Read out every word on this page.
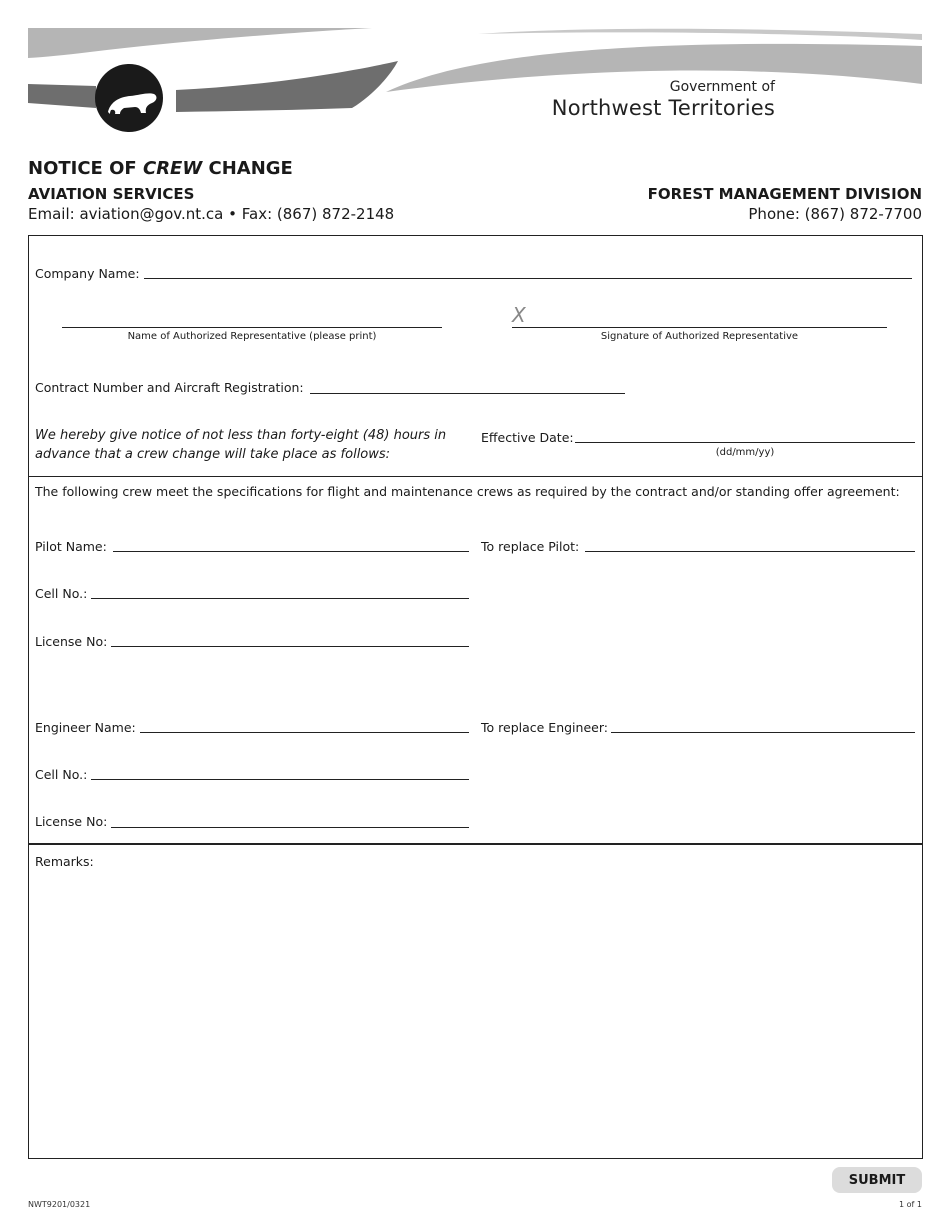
Government of
Northwest Territories
NOTICE OF CREW CHANGE
AVIATION SERVICES
Email: aviation@gov.nt.ca • Fax: (867) 872-2148
FOREST MANAGEMENT DIVISION
Phone: (867) 872-7700
Company Name:
Name of Authorized Representative (please print)
X
Signature of Authorized Representative
Contract Number and Aircraft Registration:
We hereby give notice of not less than forty-eight (48) hours in
advance that a crew change will take place as follows:
Effective Date:
(dd/mm/yy)
The following crew meet the specifications for flight and maintenance crews as required by the contract and/or standing offer agreement:
Pilot Name:	To replace Pilot:
Cell No.:
License No:
Engineer Name:	To replace Engineer:
Cell No.:
License No:
Remarks:
SUBMIT
NWT9201/0321	1 of 1
